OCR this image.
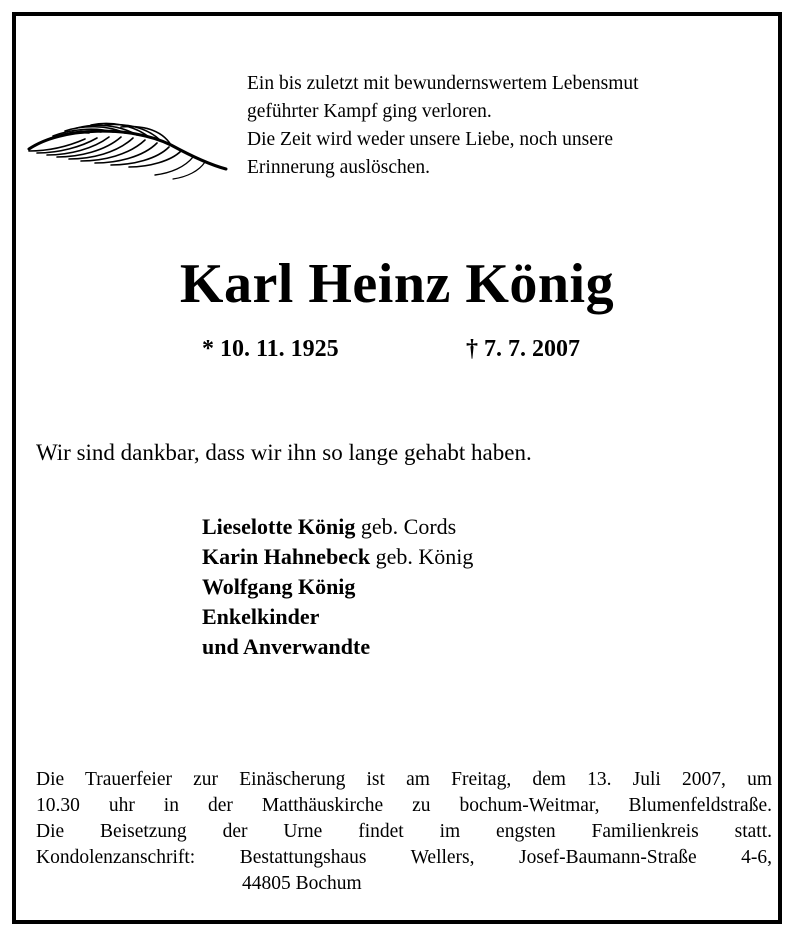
Ein bis zuletzt mit bewundernswertem Lebensmut
geführter Kampf ging verloren.
Die Zeit wird weder unsere Liebe, noch unsere
Erinnerung auslöschen.
Karl Heinz König
* 10. 11. 1925	† 7. 7. 2007
Wir sind dankbar, dass wir ihn so lange gehabt haben.
Lieselotte König geb. Cords
Karin Hahnebeck geb. König
Wolfgang König
Enkelkinder
und Anverwandte
Die Trauerfeier zur Einäscherung ist am Freitag, dem 13. Juli 2007, um
10.30 uhr in der Matthäuskirche zu bochum-Weitmar, Blumenfeldstraße.
Die Beisetzung der Urne findet im engsten Familienkreis statt.
Kondolenzanschrift: Bestattungshaus Wellers, Josef-Baumann-Straße 4-6,
44805 Bochum
